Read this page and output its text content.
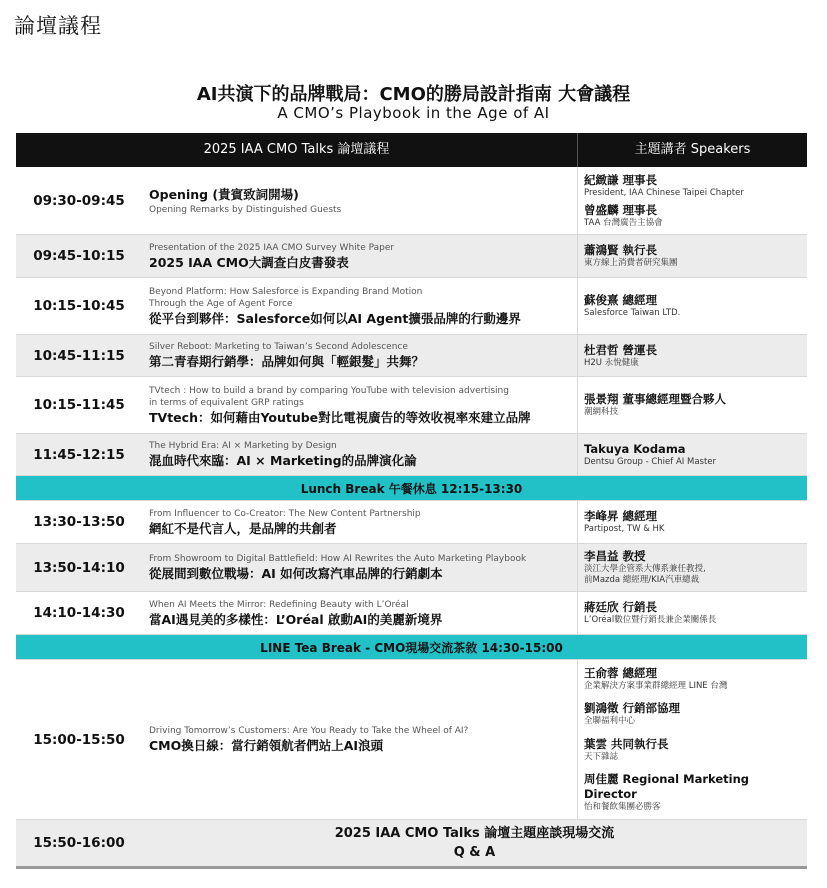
論壇議程
AI共演下的品牌戰局：CMO的勝局設計指南 大會議程
A CMO’s Playbook in the Age of AI
2025 IAA CMO Talks 論壇議程	主題講者 Speakers
09:30-09:45	Opening (貴賓致詞開場)
Opening Remarks by Distinguished Guests
紀緻謙 理事長
President, IAA Chinese Taipei Chapter
曾盛麟 理事長
TAA 台灣廣告主協會
09:45-10:15
Presentation of the 2025 IAA CMO Survey White Paper
2025 IAA CMO大調查白皮書發表
蕭鴻賢 執行長
東方線上消費者研究集團
10:15-10:45
Beyond Platform: How Salesforce is Expanding Brand Motion
Through the Age of Agent Force
從平台到夥伴：Salesforce如何以AI Agent擴張品牌的行動邊界
蘇俊熹 總經理
Salesforce Taiwan LTD.
10:45-11:15
Silver Reboot: Marketing to Taiwan’s Second Adolescence
第二青春期行銷學：品牌如何與「輕銀髮」共舞？
杜君哲 營運長
H2U 永悅健康
10:15-11:45
TVtech : How to build a brand by comparing YouTube with television advertising
in terms of equivalent GRP ratings
TVtech：如何藉由Youtube對比電視廣告的等效收視率來建立品牌
張景翔 董事總經理暨合夥人
潮網科技
11:45-12:15
The Hybrid Era: AI × Marketing by Design
混血時代來臨：AI × Marketing的品牌演化論
Takuya Kodama
Dentsu Group - Chief AI Master
Lunch Break 午餐休息 12:15-13:30
13:30-13:50
From Influencer to Co-Creator: The New Content Partnership
網紅不是代言人，是品牌的共創者
李峰昇 總經理
Partipost, TW & HK
13:50-14:10
From Showroom to Digital Battlefield: How AI Rewrites the Auto Marketing Playbook
從展間到數位戰場：AI 如何改寫汽車品牌的行銷劇本
李昌益 教授
淡江大學企管系大傳系兼任教授,
前Mazda 總經理/KIA汽車總裁
14:10-14:30
When AI Meets the Mirror: Redefining Beauty with L’Oréal
當AI遇見美的多樣性：L’Oréal 啟動AI的美麗新境界
蔣廷欣 行銷長
L’Oréal數位暨行銷長兼企業關係長
LINE Tea Break - CMO現場交流茶敘 14:30-15:00
15:00-15:50
Driving Tomorrow’s Customers: Are You Ready to Take the Wheel of AI?
CMO換日線：當行銷領航者們站上AI浪頭
王俞蓉 總經理
企業解決方案事業群總經理 LINE 台灣
劉鴻徵 行銷部協理
全聯福利中心
葉雲 共同執行長
天下雜誌
周佳麗 Regional Marketing Director
怡和餐飲集團必勝客
15:50-16:00
2025 IAA CMO Talks 論壇主題座談現場交流
Q & A
